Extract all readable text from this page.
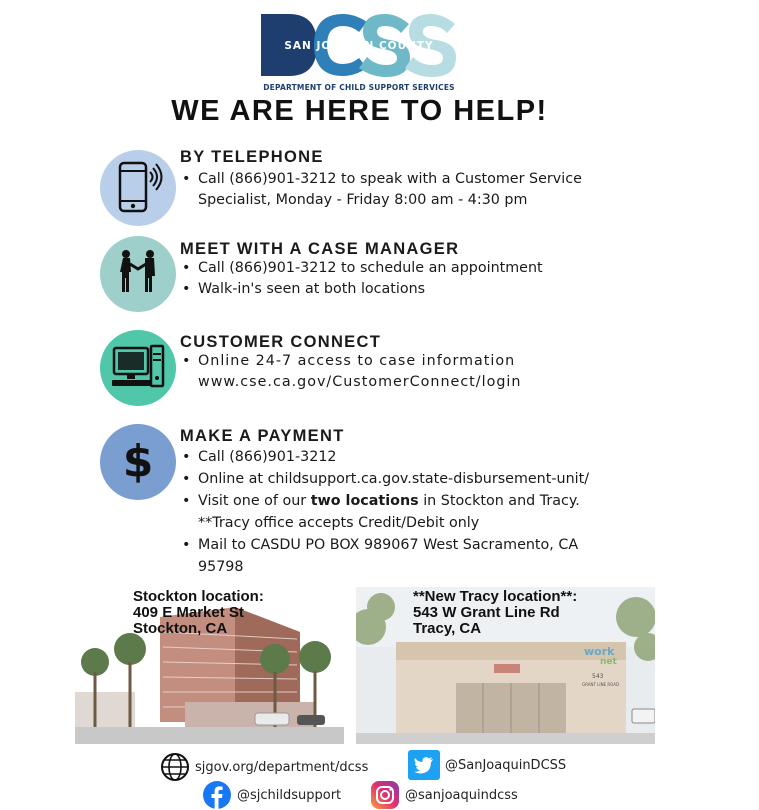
SAN JOAQUIN COUNTY
DEPARTMENT OF CHILD SUPPORT SERVICES
WE ARE HERE TO HELP!
BY TELEPHONE
• Call (866)901-3212 to speak with a Customer Service
Specialist, Monday - Friday 8:00 am - 4:30 pm
MEET WITH A CASE MANAGER
• Call (866)901-3212 to schedule an appointment
• Walk-in's seen at both locations
CUSTOMER CONNECT
• Online 24-7 access to case information
www.cse.ca.gov/CustomerConnect/login
$ MAKE A PAYMENT
• Call (866)901-3212
• Online at childsupport.ca.gov.state-disbursement-unit/
• Visit one of our two locations in Stockton and Tracy.
**Tracy office accepts Credit/Debit only
• Mail to CASDU PO BOX 989067 West Sacramento, CA
95798
Stockton location:
409 E Market St
Stockton, CA
work
net
543
GRANT LINE ROAD
**New Tracy location**:
543 W Grant Line Rd
Tracy, CA
sjgov.org/department/dcss	@SanJoaquinDCSS
@sjchildsupport	@sanjoaquindcss
